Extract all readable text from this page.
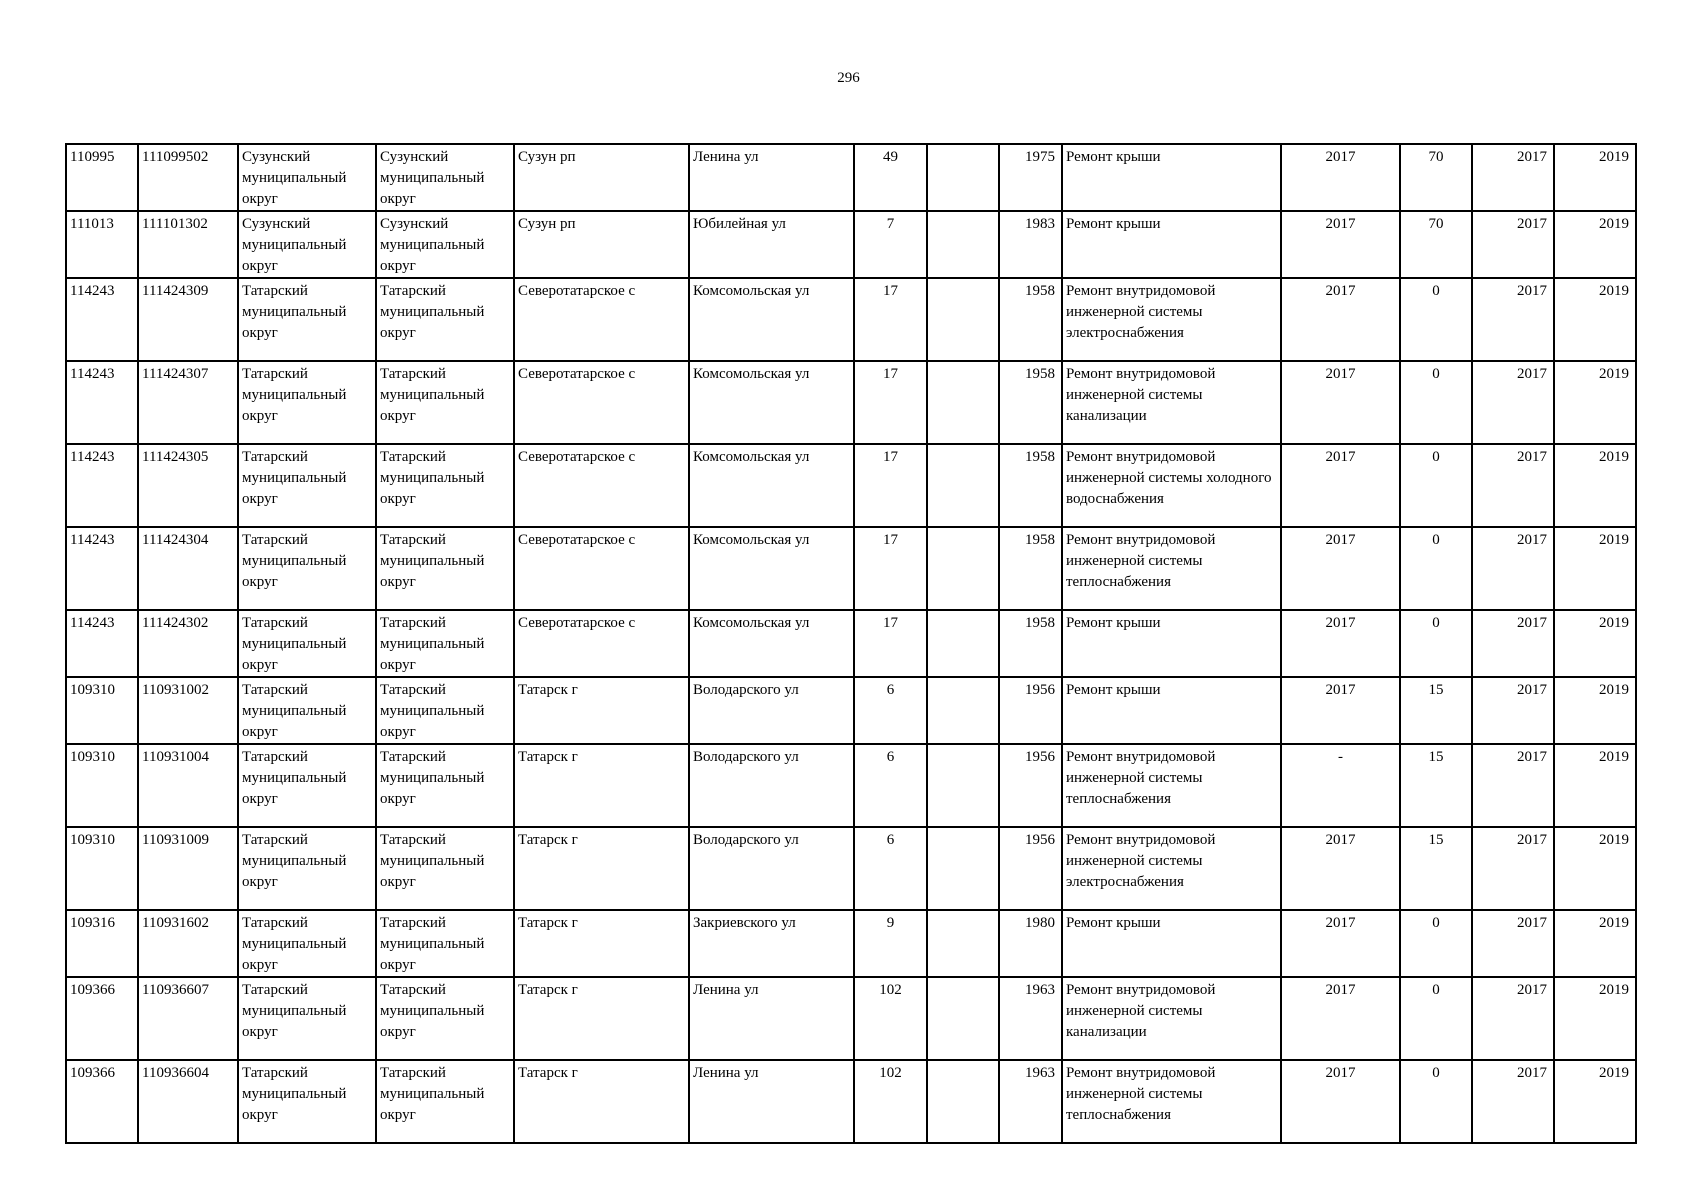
296
110995	111099502	Сузунский муниципальный округ	Сузунский муниципальный округ	Сузун рп	Ленина ул	49		1975	Ремонт крыши	2017	70	2017	2019
111013	111101302	Сузунский муниципальный округ	Сузунский муниципальный округ	Сузун рп	Юбилейная ул	7		1983	Ремонт крыши	2017	70	2017	2019
114243	111424309	Татарский муниципальный округ	Татарский муниципальный округ	Северотатарское с	Комсомольская ул	17		1958	Ремонт внутридомовой инженерной системы электроснабжения	2017	0	2017	2019
114243	111424307	Татарский муниципальный округ	Татарский муниципальный округ	Северотатарское с	Комсомольская ул	17		1958	Ремонт внутридомовой инженерной системы канализации	2017	0	2017	2019
114243	111424305	Татарский муниципальный округ	Татарский муниципальный округ	Северотатарское с	Комсомольская ул	17		1958	Ремонт внутридомовой инженерной системы холодного водоснабжения	2017	0	2017	2019
114243	111424304	Татарский муниципальный округ	Татарский муниципальный округ	Северотатарское с	Комсомольская ул	17		1958	Ремонт внутридомовой инженерной системы теплоснабжения	2017	0	2017	2019
114243	111424302	Татарский муниципальный округ	Татарский муниципальный округ	Северотатарское с	Комсомольская ул	17		1958	Ремонт крыши	2017	0	2017	2019
109310	110931002	Татарский муниципальный округ	Татарский муниципальный округ	Татарск г	Володарского ул	6		1956	Ремонт крыши	2017	15	2017	2019
109310	110931004	Татарский муниципальный округ	Татарский муниципальный округ	Татарск г	Володарского ул	6		1956	Ремонт внутридомовой инженерной системы теплоснабжения	-	15	2017	2019
109310	110931009	Татарский муниципальный округ	Татарский муниципальный округ	Татарск г	Володарского ул	6		1956	Ремонт внутридомовой инженерной системы электроснабжения	2017	15	2017	2019
109316	110931602	Татарский муниципальный округ	Татарский муниципальный округ	Татарск г	Закриевского ул	9		1980	Ремонт крыши	2017	0	2017	2019
109366	110936607	Татарский муниципальный округ	Татарский муниципальный округ	Татарск г	Ленина ул	102		1963	Ремонт внутридомовой инженерной системы канализации	2017	0	2017	2019
109366	110936604	Татарский муниципальный округ	Татарский муниципальный округ	Татарск г	Ленина ул	102		1963	Ремонт внутридомовой инженерной системы теплоснабжения	2017	0	2017	2019
